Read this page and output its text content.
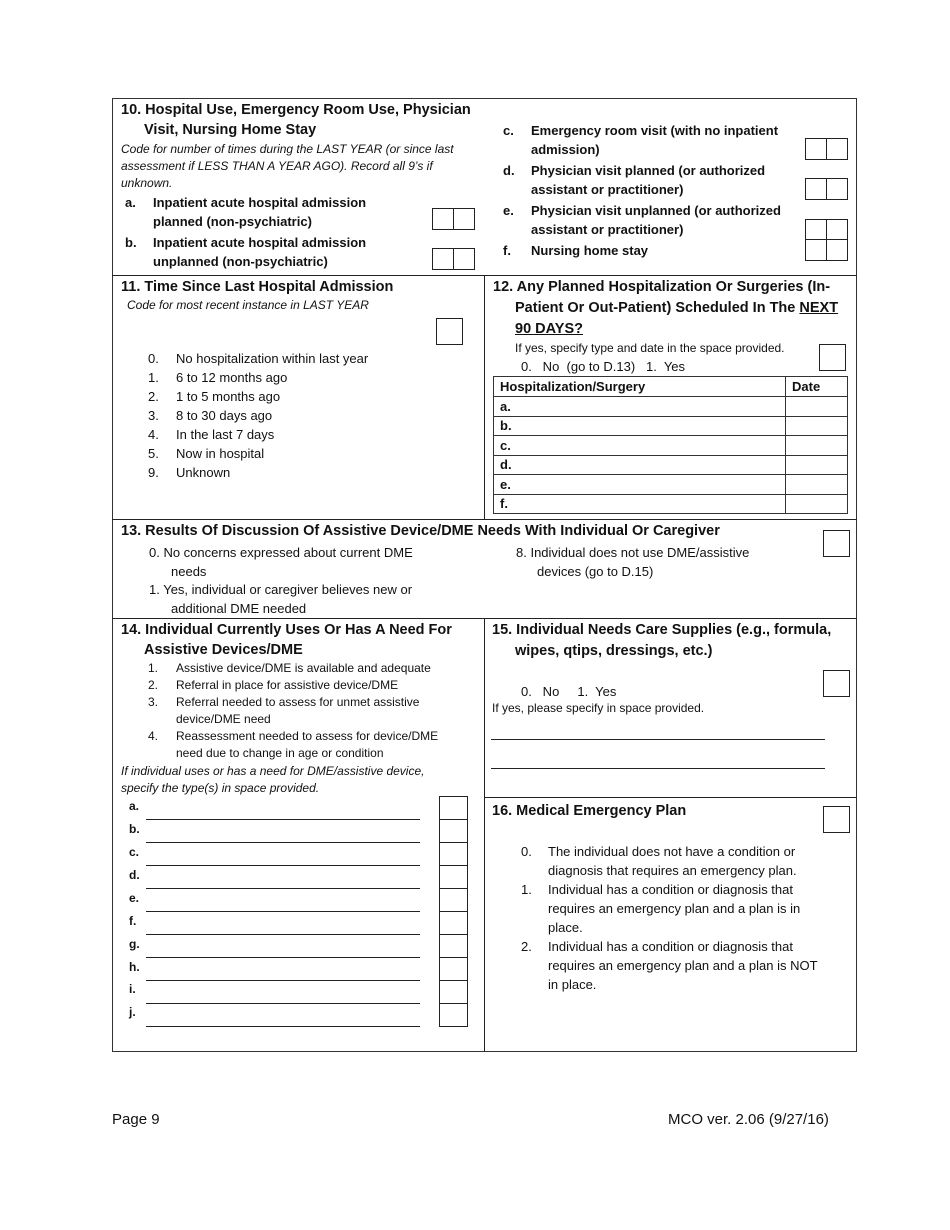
10. Hospital Use, Emergency Room Use, Physician
Visit, Nursing Home Stay
Code for number of times during the LAST YEAR (or since last
assessment if LESS THAN A YEAR AGO). Record all 9’s if
unknown.
a. Inpatient acute hospital admission
planned (non-psychiatric)
b. Inpatient acute hospital admission
unplanned (non-psychiatric)
c. Emergency room visit (with no inpatient
admission)
d. Physician visit planned (or authorized
assistant or practitioner)
e. Physician visit unplanned (or authorized
assistant or practitioner)
f. Nursing home stay
11. Time Since Last Hospital Admission
Code for most recent instance in LAST YEAR
0. No hospitalization within last year
1. 6 to 12 months ago
2. 1 to 5 months ago
3. 8 to 30 days ago
4. In the last 7 days
5. Now in hospital
9. Unknown
12. Any Planned Hospitalization Or Surgeries (In-
Patient Or Out-Patient) Scheduled In The NEXT
90 DAYS?
If yes, specify type and date in the space provided.
0.   No  (go to D.13)   1.  Yes
Hospitalization/Surgery	Date
a.	
b.	
c.	
d.	
e.	
f.	
13. Results Of Discussion Of Assistive Device/DME Needs With Individual Or Caregiver
0. No concerns expressed about current DME
needs
1. Yes, individual or caregiver believes new or
additional DME needed
8. Individual does not use DME/assistive
devices (go to D.15)
14. Individual Currently Uses Or Has A Need For
Assistive Devices/DME
1. Assistive device/DME is available and adequate
2. Referral in place for assistive device/DME
3. Referral needed to assess for unmet assistive
device/DME need
4. Reassessment needed to assess for device/DME
need due to change in age or condition
If individual uses or has a need for DME/assistive device,
specify the type(s) in space provided.
a.
b.
c.
d.
e.
f.
g.
h.
i.
j.
15. Individual Needs Care Supplies (e.g., formula,
wipes, qtips, dressings, etc.)
0.   No     1.  Yes
If yes, please specify in space provided.
16. Medical Emergency Plan
0. The individual does not have a condition or
diagnosis that requires an emergency plan.
1. Individual has a condition or diagnosis that
requires an emergency plan and a plan is in
place.
2. Individual has a condition or diagnosis that
requires an emergency plan and a plan is NOT
in place.
Page 9	MCO ver. 2.06 (9/27/16)
